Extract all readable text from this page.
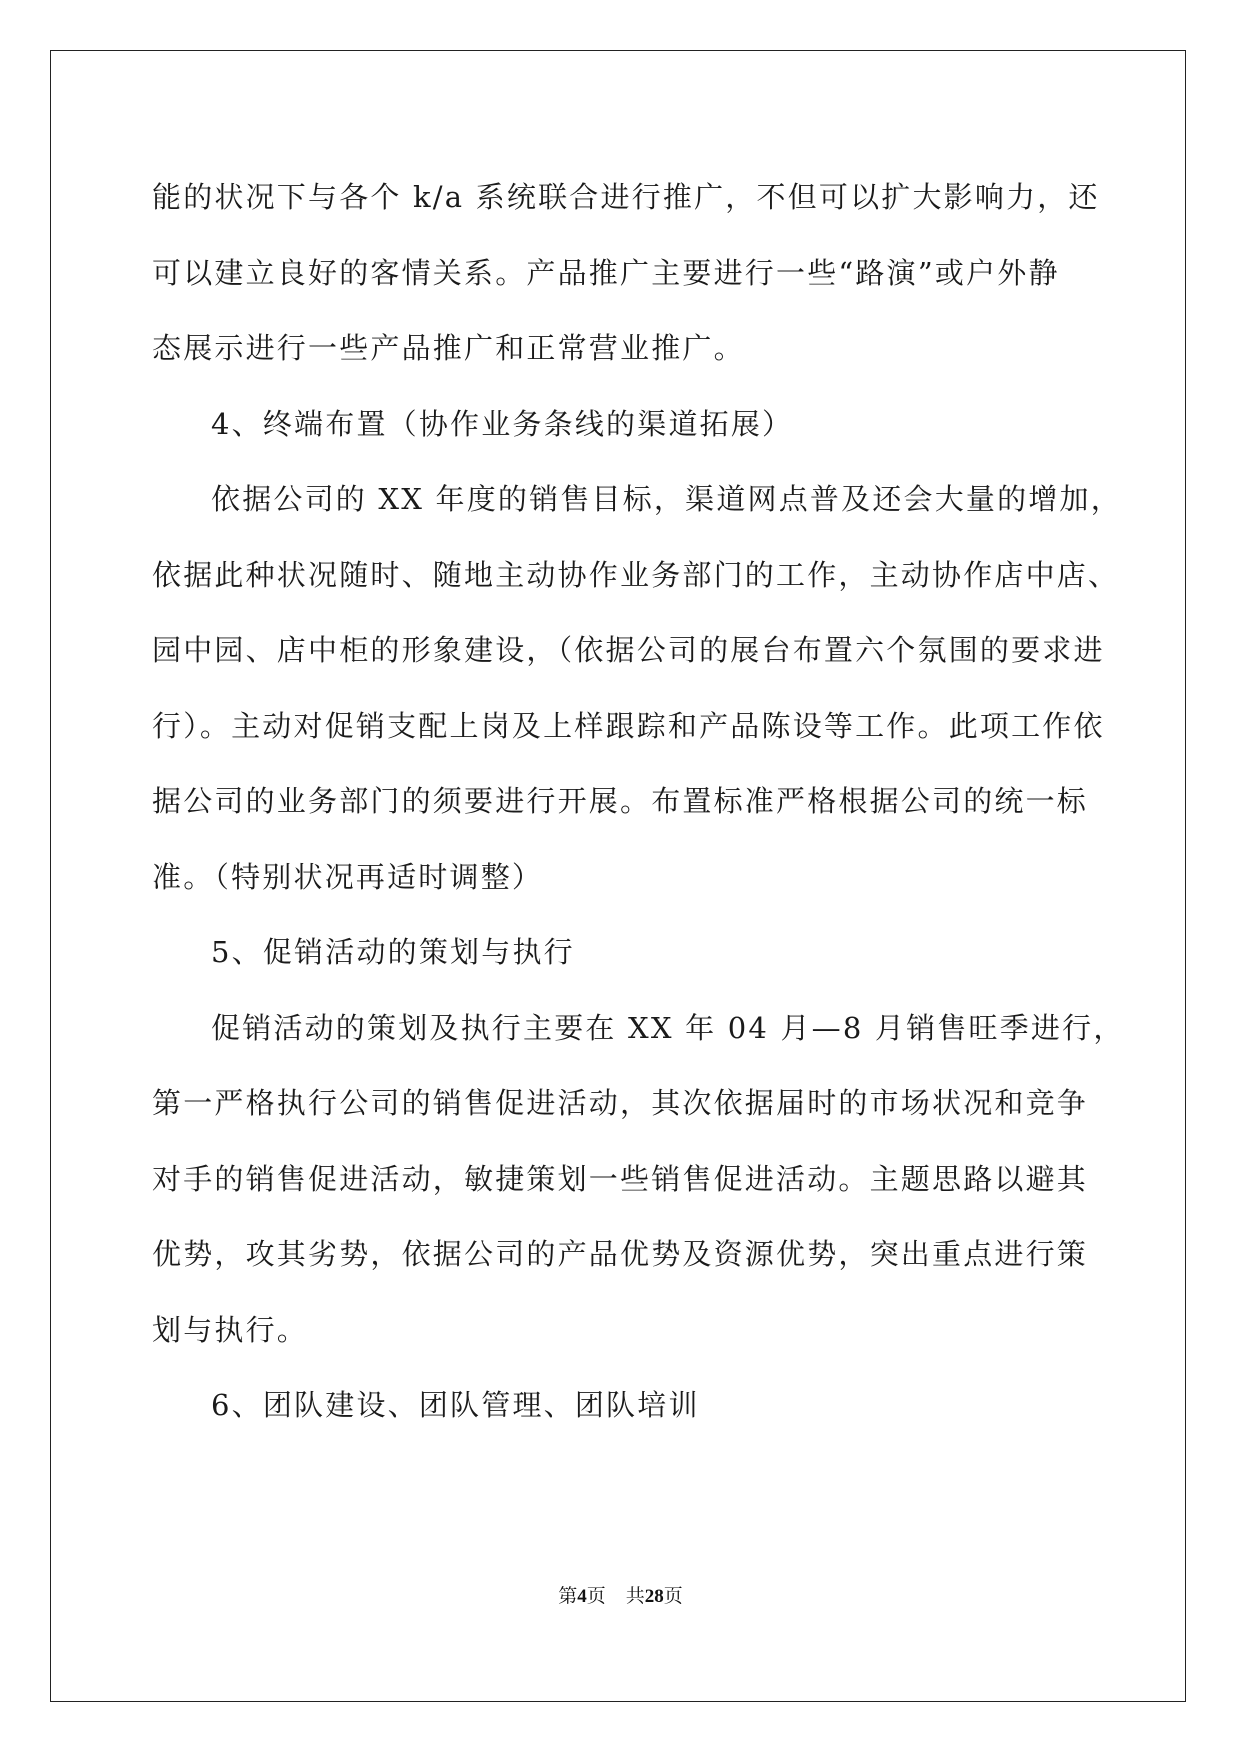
能的状况下与各个 k/a 系统联合进行推广，不但可以扩大影响力，还
可以建立良好的客情关系。产品推广主要进行一些“路演”或户外静
态展示进行一些产品推广和正常营业推广。
4、终端布置（协作业务条线的渠道拓展）
依据公司的 XX 年度的销售目标，渠道网点普及还会大量的增加，
依据此种状况随时、随地主动协作业务部门的工作，主动协作店中店、
园中园、店中柜的形象建设，（依据公司的展台布置六个氛围的要求进
行）。主动对促销支配上岗及上样跟踪和产品陈设等工作。此项工作依
据公司的业务部门的须要进行开展。布置标准严格根据公司的统一标
准。（特别状况再适时调整）
5、促销活动的策划与执行
促销活动的策划及执行主要在 XX 年 04 月—8 月销售旺季进行，
第一严格执行公司的销售促进活动，其次依据届时的市场状况和竞争
对手的销售促进活动，敏捷策划一些销售促进活动。主题思路以避其
优势，攻其劣势，依据公司的产品优势及资源优势，突出重点进行策
划与执行。
6、团队建设、团队管理、团队培训
第4页 共28页
